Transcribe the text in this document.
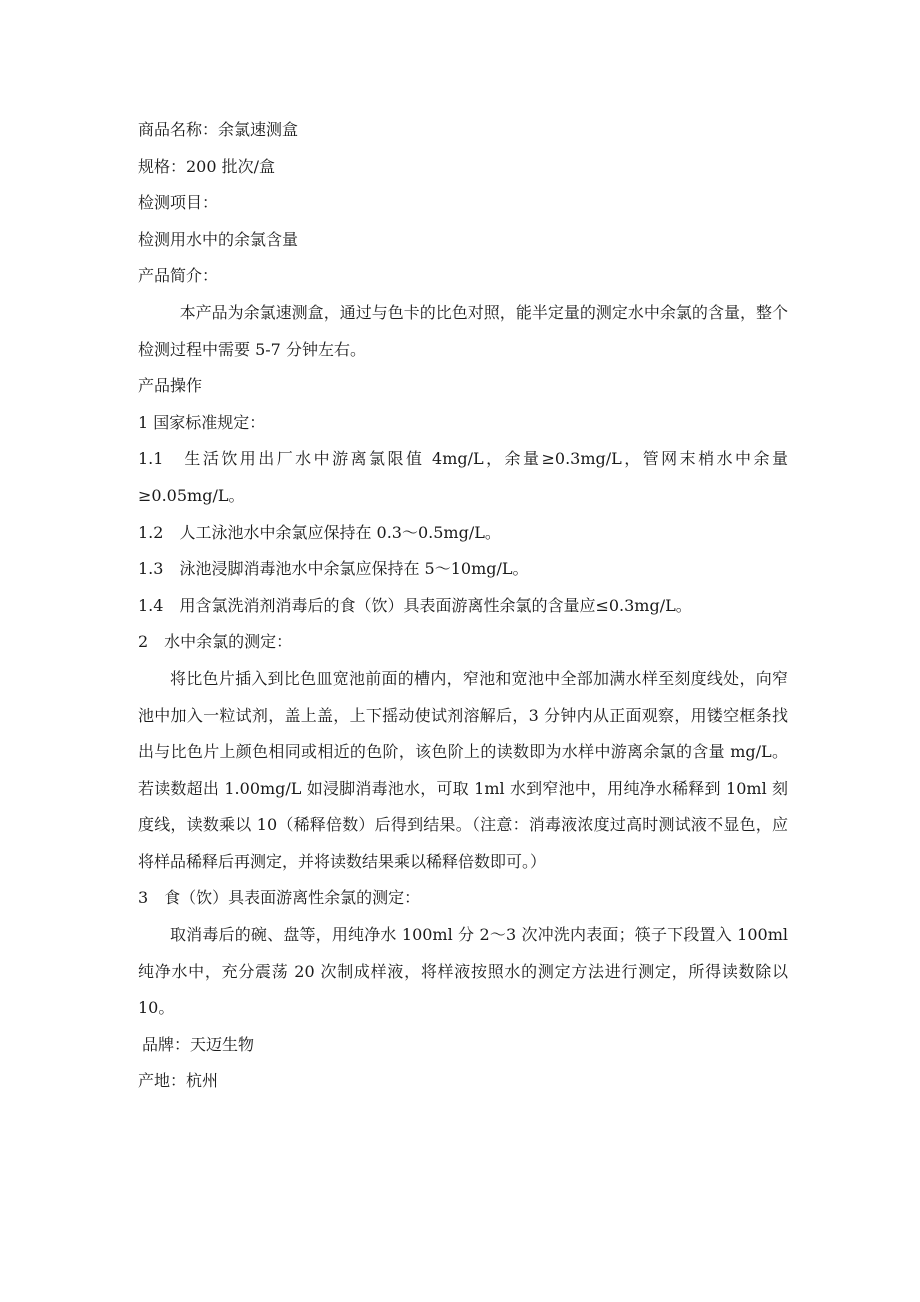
商品名称：余氯速测盒
规格：200 批次/盒
检测项目：
检测用水中的余氯含量
产品简介：
本产品为余氯速测盒，通过与色卡的比色对照，能半定量的测定水中余氯的含量，整个检测过程中需要 5-7 分钟左右。
产品操作
1 国家标准规定：
1.1　生活饮用出厂水中游离氯限值 4mg/L，余量≥0.3mg/L，管网末梢水中余量≥0.05mg/L。
1.2　人工泳池水中余氯应保持在 0.3～0.5mg/L。
1.3　泳池浸脚消毒池水中余氯应保持在 5～10mg/L。
1.4　用含氯洗消剂消毒后的食（饮）具表面游离性余氯的含量应≤0.3mg/L。
2　水中余氯的测定：
将比色片插入到比色皿宽池前面的槽内，窄池和宽池中全部加满水样至刻度线处，向窄池中加入一粒试剂，盖上盖，上下摇动使试剂溶解后，3 分钟内从正面观察，用镂空框条找出与比色片上颜色相同或相近的色阶，该色阶上的读数即为水样中游离余氯的含量 mg/L。若读数超出 1.00mg/L 如浸脚消毒池水，可取 1ml 水到窄池中，用纯净水稀释到 10ml 刻度线，读数乘以 10（稀释倍数）后得到结果。（注意：消毒液浓度过高时测试液不显色，应将样品稀释后再测定，并将读数结果乘以稀释倍数即可。）
3　食（饮）具表面游离性余氯的测定：
取消毒后的碗、盘等，用纯净水 100ml 分 2～3 次冲洗内表面；筷子下段置入 100ml 纯净水中，充分震荡 20 次制成样液，将样液按照水的测定方法进行测定，所得读数除以 10。
品牌：天迈生物
产地：杭州
